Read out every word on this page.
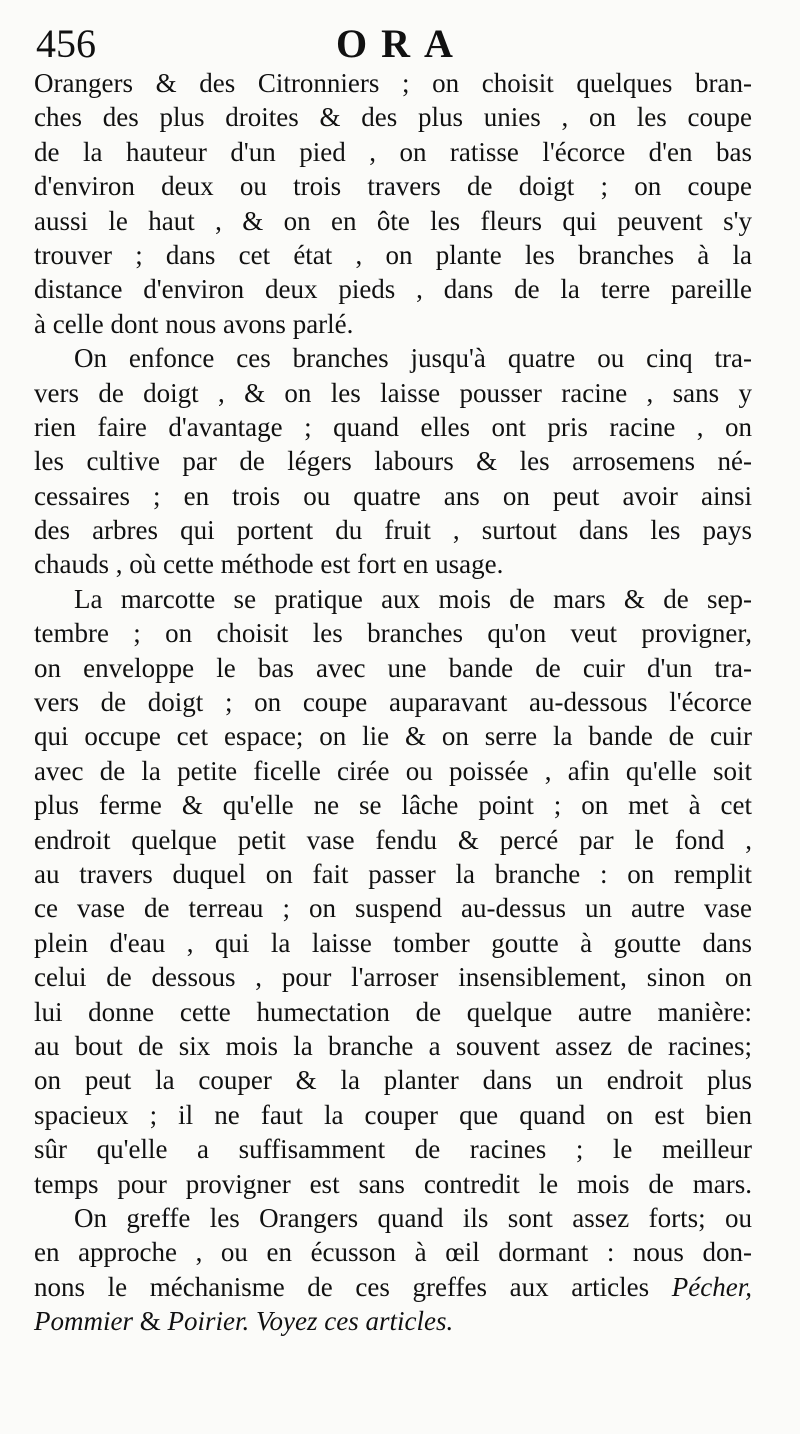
456	ORA
Orangers & des Citronniers ; on choisit quelques bran-
ches des plus droites & des plus unies , on les coupe
de la hauteur d'un pied , on ratisse l'écorce d'en bas
d'environ deux ou trois travers de doigt ; on coupe
aussi le haut , & on en ôte les fleurs qui peuvent s'y
trouver ; dans cet état , on plante les branches à la
distance d'environ deux pieds , dans de la terre pareille
à celle dont nous avons parlé.
On enfonce ces branches jusqu'à quatre ou cinq tra-
vers de doigt , & on les laisse pousser racine , sans y
rien faire d'avantage ; quand elles ont pris racine , on
les cultive par de légers labours & les arrosemens né-
cessaires ; en trois ou quatre ans on peut avoir ainsi
des arbres qui portent du fruit , surtout dans les pays
chauds , où cette méthode est fort en usage.
La marcotte se pratique aux mois de mars & de sep-
tembre ; on choisit les branches qu'on veut provigner,
on enveloppe le bas avec une bande de cuir d'un tra-
vers de doigt ; on coupe auparavant au-dessous l'écorce
qui occupe cet espace; on lie & on serre la bande de cuir
avec de la petite ficelle cirée ou poissée , afin qu'elle soit
plus ferme & qu'elle ne se lâche point ; on met à cet
endroit quelque petit vase fendu & percé par le fond ,
au travers duquel on fait passer la branche : on remplit
ce vase de terreau ; on suspend au-dessus un autre vase
plein d'eau , qui la laisse tomber goutte à goutte dans
celui de dessous , pour l'arroser insensiblement, sinon on
lui donne cette humectation de quelque autre manière:
au bout de six mois la branche a souvent assez de racines;
on peut la couper & la planter dans un endroit plus
spacieux ; il ne faut la couper que quand on est bien
sûr qu'elle a suffisamment de racines ; le meilleur
temps pour provigner est sans contredit le mois de mars.
On greffe les Orangers quand ils sont assez forts; ou
en approche , ou en écusson à œil dormant : nous don-
nons le méchanisme de ces greffes aux articles Pécher,
Pommier & Poirier. Voyez ces articles.
